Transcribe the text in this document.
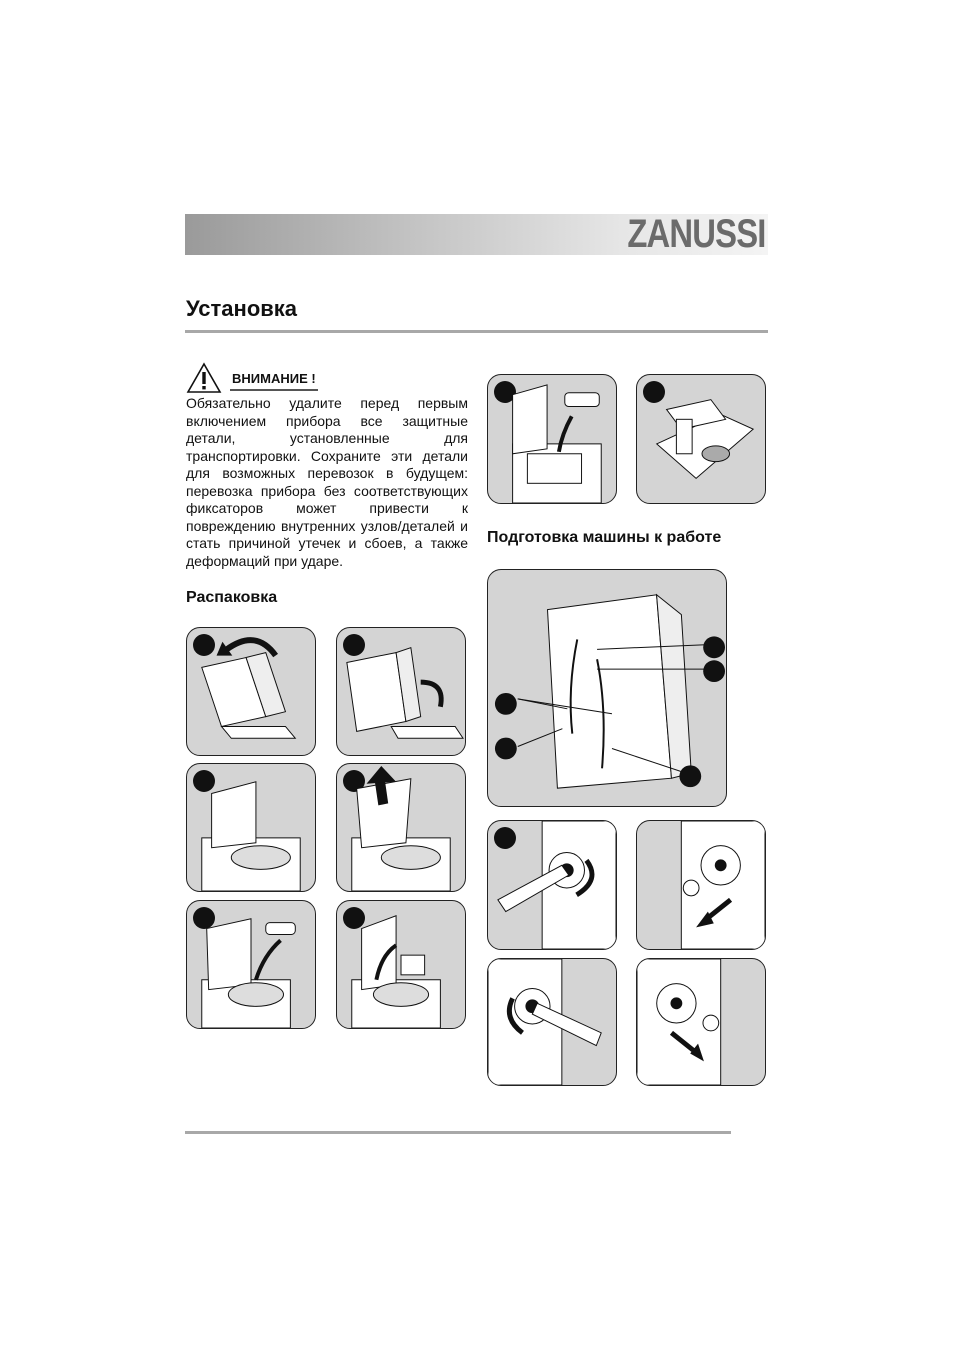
ZANUSSI
Установка
ВНИМАНИЕ !

Обязательно удалите перед первым включением прибора все защитные детали, установленные для транспортировки. Сохраните эти детали для возможных перевозок в будущем: перевозка прибора без соответствующих фиксаторов может привести к повреждению внутренних узлов/деталей и стать причиной утечек и сбоев, а также деформаций при ударе.

Распаковка
Подготовка машины к работе
